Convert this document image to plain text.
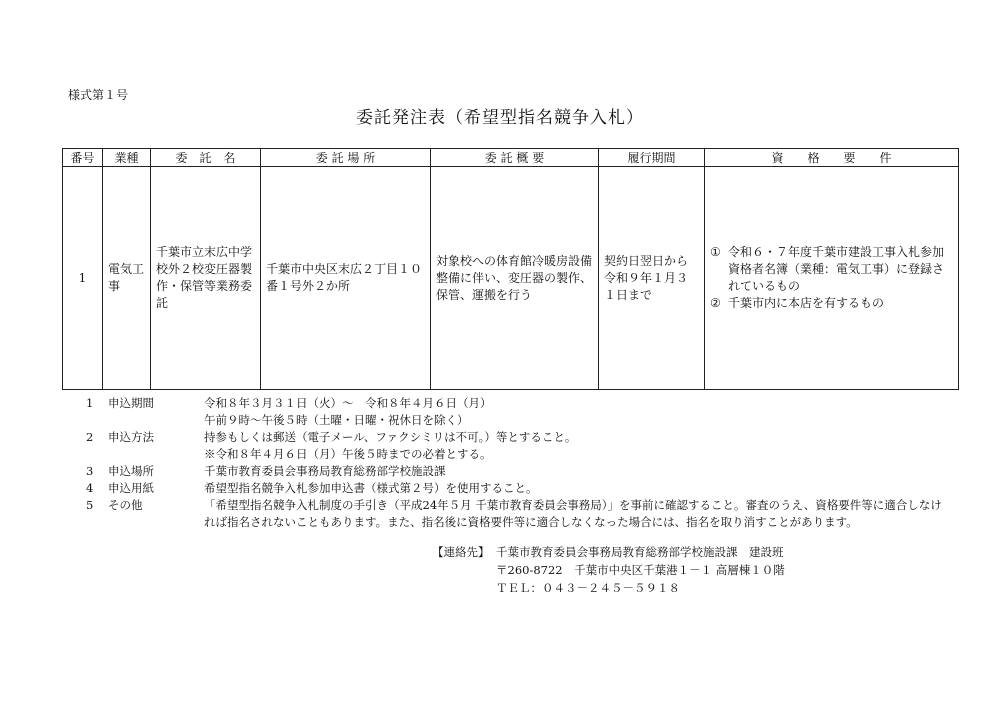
様式第１号
委託発注表（希望型指名競争入札）
番号	業種	委　託　名	委 託 場 所	委 託 概 要	履行期間	資　　格　　要　　件
1	電気工事	千葉市立末広中学校外２校変圧器製作・保管等業務委託	千葉市中央区末広２丁目１０番１号外２か所	対象校への体育館冷暖房設備整備に伴い、変圧器の製作、保管、運搬を行う	契約日翌日から令和９年１月３１日まで	① 令和６・７年度千葉市建設工事入札参加資格者名簿（業種：電気工事）に登録されているもの
② 千葉市内に本店を有するもの
1	申込期間	令和８年３月３１日（火）～　令和８年４月６日（月）
午前９時～午後５時（土曜・日曜・祝休日を除く）

2	申込方法	持参もしくは郵送（電子メール、ファクシミリは不可。）等とすること。
※令和８年４月６日（月）午後５時までの必着とする。

3	申込場所	千葉市教育委員会事務局教育総務部学校施設課

4	申込用紙	希望型指名競争入札参加申込書（様式第２号）を使用すること。

5	その他	「希望型指名競争入札制度の手引き（平成24年５月 千葉市教育委員会事務局）」を事前に確認すること。審査のうえ、資格要件等に適合しなけ
れば指名されないこともあります。また、指名後に資格要件等に適合しなくなった場合には、指名を取り消すことがあります。
【連絡先】 千葉市教育委員会事務局教育総務部学校施設課　建設班
〒260-8722　千葉市中央区千葉港１－１ 高層棟１０階
ＴＥＬ：０４３－２４５－５９１８
